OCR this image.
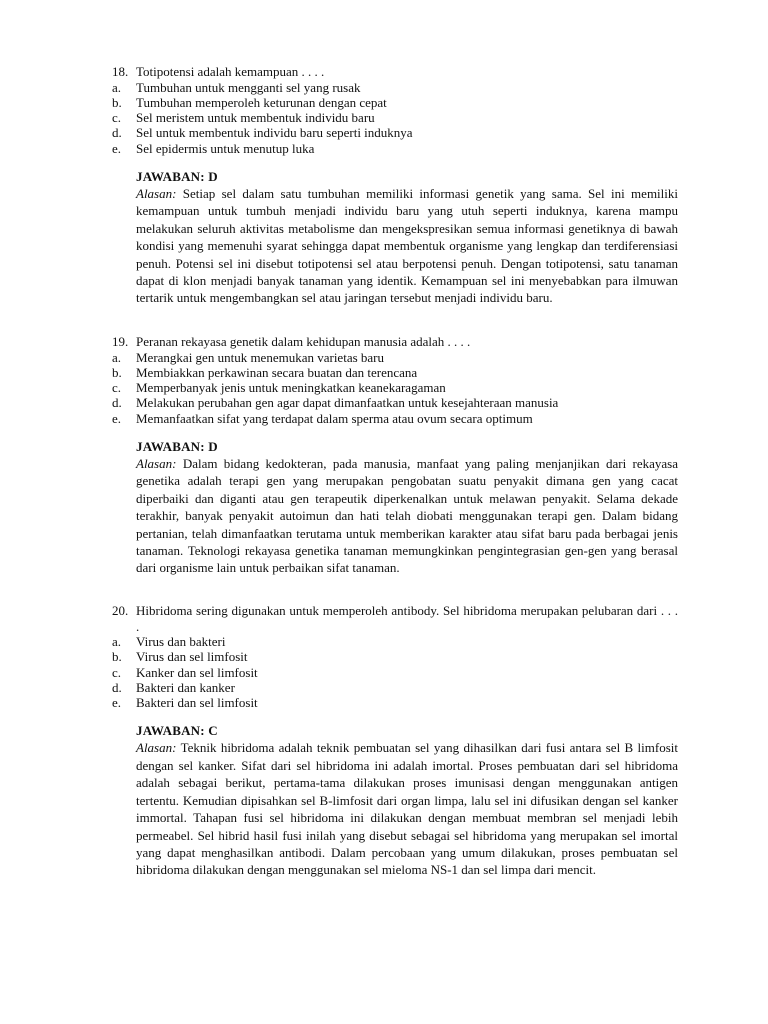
18. Totipotensi adalah kemampuan . . . .
a.	Tumbuhan untuk mengganti sel yang rusak
b.	Tumbuhan memperoleh keturunan dengan cepat
c.	Sel meristem untuk membentuk individu baru
d.	Sel untuk membentuk individu baru seperti induknya
e.	Sel epidermis untuk menutup luka
JAWABAN: D
Alasan: Setiap sel dalam satu tumbuhan memiliki informasi genetik yang sama. Sel ini memiliki kemampuan untuk tumbuh menjadi individu baru yang utuh seperti induknya, karena mampu melakukan seluruh aktivitas metabolisme dan mengekspresikan semua informasi genetiknya di bawah kondisi yang memenuhi syarat sehingga dapat membentuk organisme yang lengkap dan terdiferensiasi penuh. Potensi sel ini disebut totipotensi sel atau berpotensi penuh. Dengan totipotensi, satu tanaman dapat di klon menjadi banyak tanaman yang identik. Kemampuan sel ini menyebabkan para ilmuwan tertarik untuk mengembangkan sel atau jaringan tersebut menjadi individu baru.
19. Peranan rekayasa genetik dalam kehidupan manusia adalah . . . .
a.	Merangkai gen untuk menemukan varietas baru
b.	Membiakkan perkawinan secara buatan dan terencana
c.	Memperbanyak jenis untuk meningkatkan keanekaragaman
d.	Melakukan perubahan gen agar dapat dimanfaatkan untuk kesejahteraan manusia
e.	Memanfaatkan sifat yang terdapat dalam sperma atau ovum secara optimum
JAWABAN: D
Alasan: Dalam bidang kedokteran, pada manusia, manfaat yang paling menjanjikan dari rekayasa genetika adalah terapi gen yang merupakan pengobatan suatu penyakit dimana gen yang cacat diperbaiki dan diganti atau gen terapeutik diperkenalkan untuk melawan penyakit. Selama dekade terakhir, banyak penyakit autoimun dan hati telah diobati menggunakan terapi gen. Dalam bidang pertanian, telah dimanfaatkan terutama untuk memberikan karakter atau sifat baru pada berbagai jenis tanaman. Teknologi rekayasa genetika tanaman memungkinkan pengintegrasian gen-gen yang berasal dari organisme lain untuk perbaikan sifat tanaman.
20. Hibridoma sering digunakan untuk memperoleh antibody. Sel hibridoma merupakan pelubaran dari . . . .
a.	Virus dan bakteri
b.	Virus dan sel limfosit
c.	Kanker dan sel limfosit
d.	Bakteri dan kanker
e.	Bakteri dan sel limfosit
JAWABAN: C
Alasan: Teknik hibridoma adalah teknik pembuatan sel yang dihasilkan dari fusi antara sel B limfosit dengan sel kanker. Sifat dari sel hibridoma ini adalah imortal. Proses pembuatan dari sel hibridoma adalah sebagai berikut, pertama-tama dilakukan proses imunisasi dengan menggunakan antigen tertentu. Kemudian dipisahkan sel B-limfosit dari organ limpa, lalu sel ini difusikan dengan sel kanker immortal. Tahapan fusi sel hibridoma ini dilakukan dengan membuat membran sel menjadi lebih permeabel. Sel hibrid hasil fusi inilah yang disebut sebagai sel hibridoma yang merupakan sel imortal yang dapat menghasilkan antibodi. Dalam percobaan yang umum dilakukan, proses pembuatan sel hibridoma dilakukan dengan menggunakan sel mieloma NS-1 dan sel limpa dari mencit.
